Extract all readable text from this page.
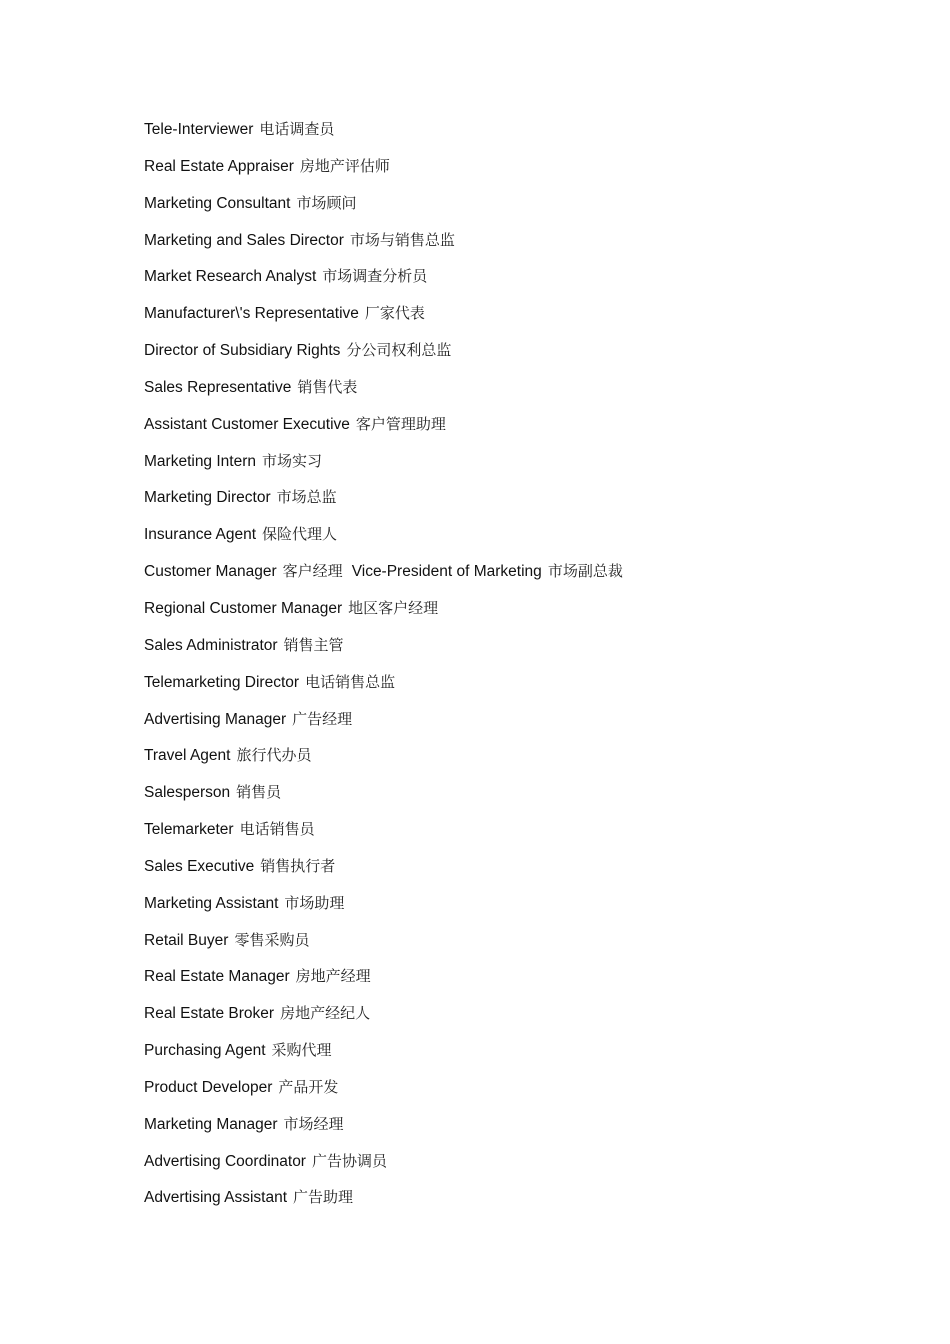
Tele-Interviewer 电话调查员
Real Estate Appraiser 房地产评估师
Marketing Consultant 市场顾问
Marketing and Sales Director 市场与销售总监
Market Research Analyst 市场调查分析员
Manufacturer\'s Representative 厂家代表
Director of Subsidiary Rights 分公司权利总监
Sales Representative 销售代表
Assistant Customer Executive 客户管理助理
Marketing Intern 市场实习
Marketing Director 市场总监
Insurance Agent 保险代理人
Customer Manager 客户经理 Vice-President of Marketing 市场副总裁
Regional Customer Manager 地区客户经理
Sales Administrator 销售主管
Telemarketing Director 电话销售总监
Advertising Manager 广告经理
Travel Agent 旅行代办员
Salesperson 销售员
Telemarketer 电话销售员
Sales Executive 销售执行者
Marketing Assistant 市场助理
Retail Buyer 零售采购员
Real Estate Manager 房地产经理
Real Estate Broker 房地产经纪人
Purchasing Agent 采购代理
Product Developer 产品开发
Marketing Manager 市场经理
Advertising Coordinator 广告协调员
Advertising Assistant 广告助理
